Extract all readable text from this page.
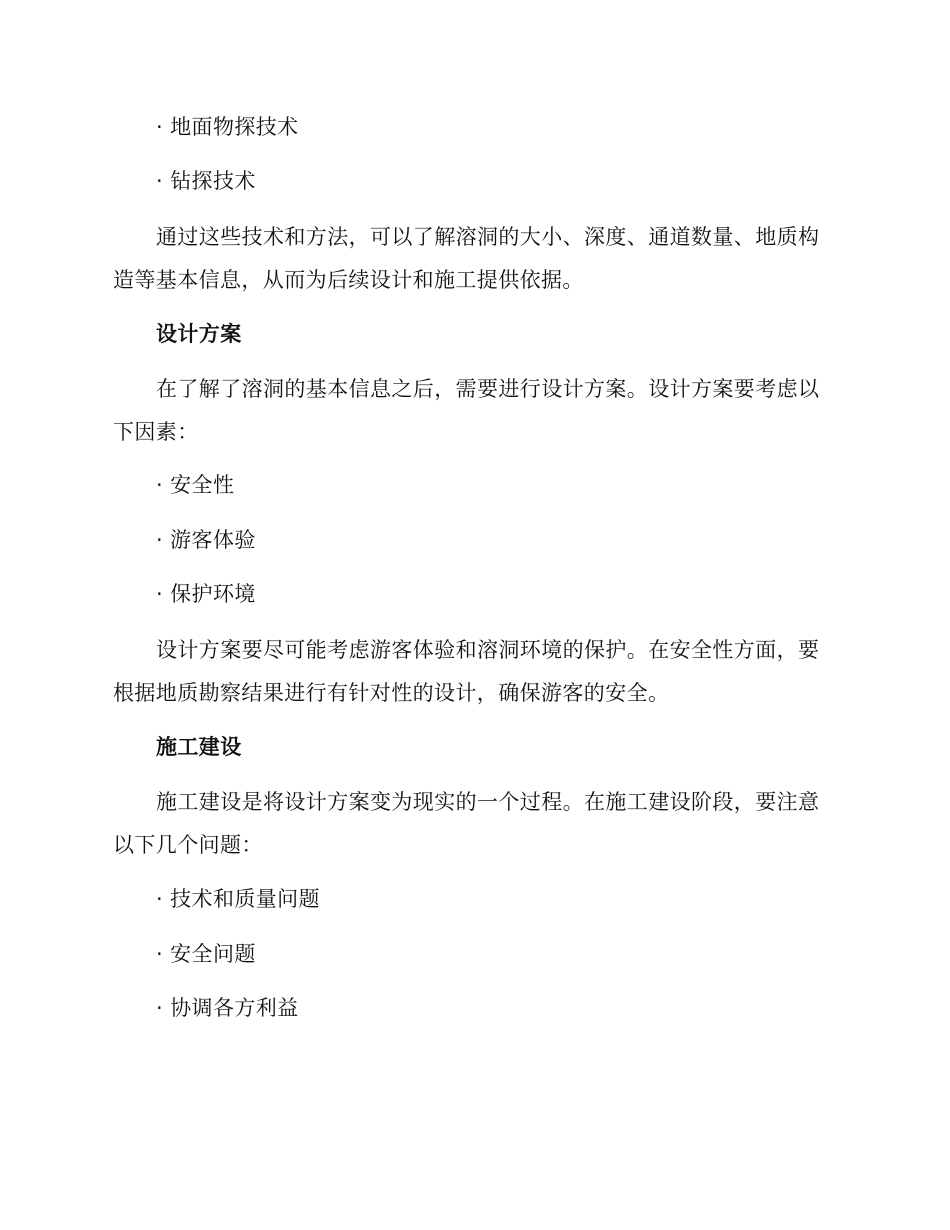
· 地面物探技术
· 钻探技术
通过这些技术和方法，可以了解溶洞的大小、深度、通道数量、地质构
造等基本信息，从而为后续设计和施工提供依据。
设计方案
在了解了溶洞的基本信息之后，需要进行设计方案。设计方案要考虑以
下因素：
· 安全性
· 游客体验
· 保护环境
设计方案要尽可能考虑游客体验和溶洞环境的保护。在安全性方面，要
根据地质勘察结果进行有针对性的设计，确保游客的安全。
施工建设
施工建设是将设计方案变为现实的一个过程。在施工建设阶段，要注意
以下几个问题：
· 技术和质量问题
· 安全问题
· 协调各方利益
